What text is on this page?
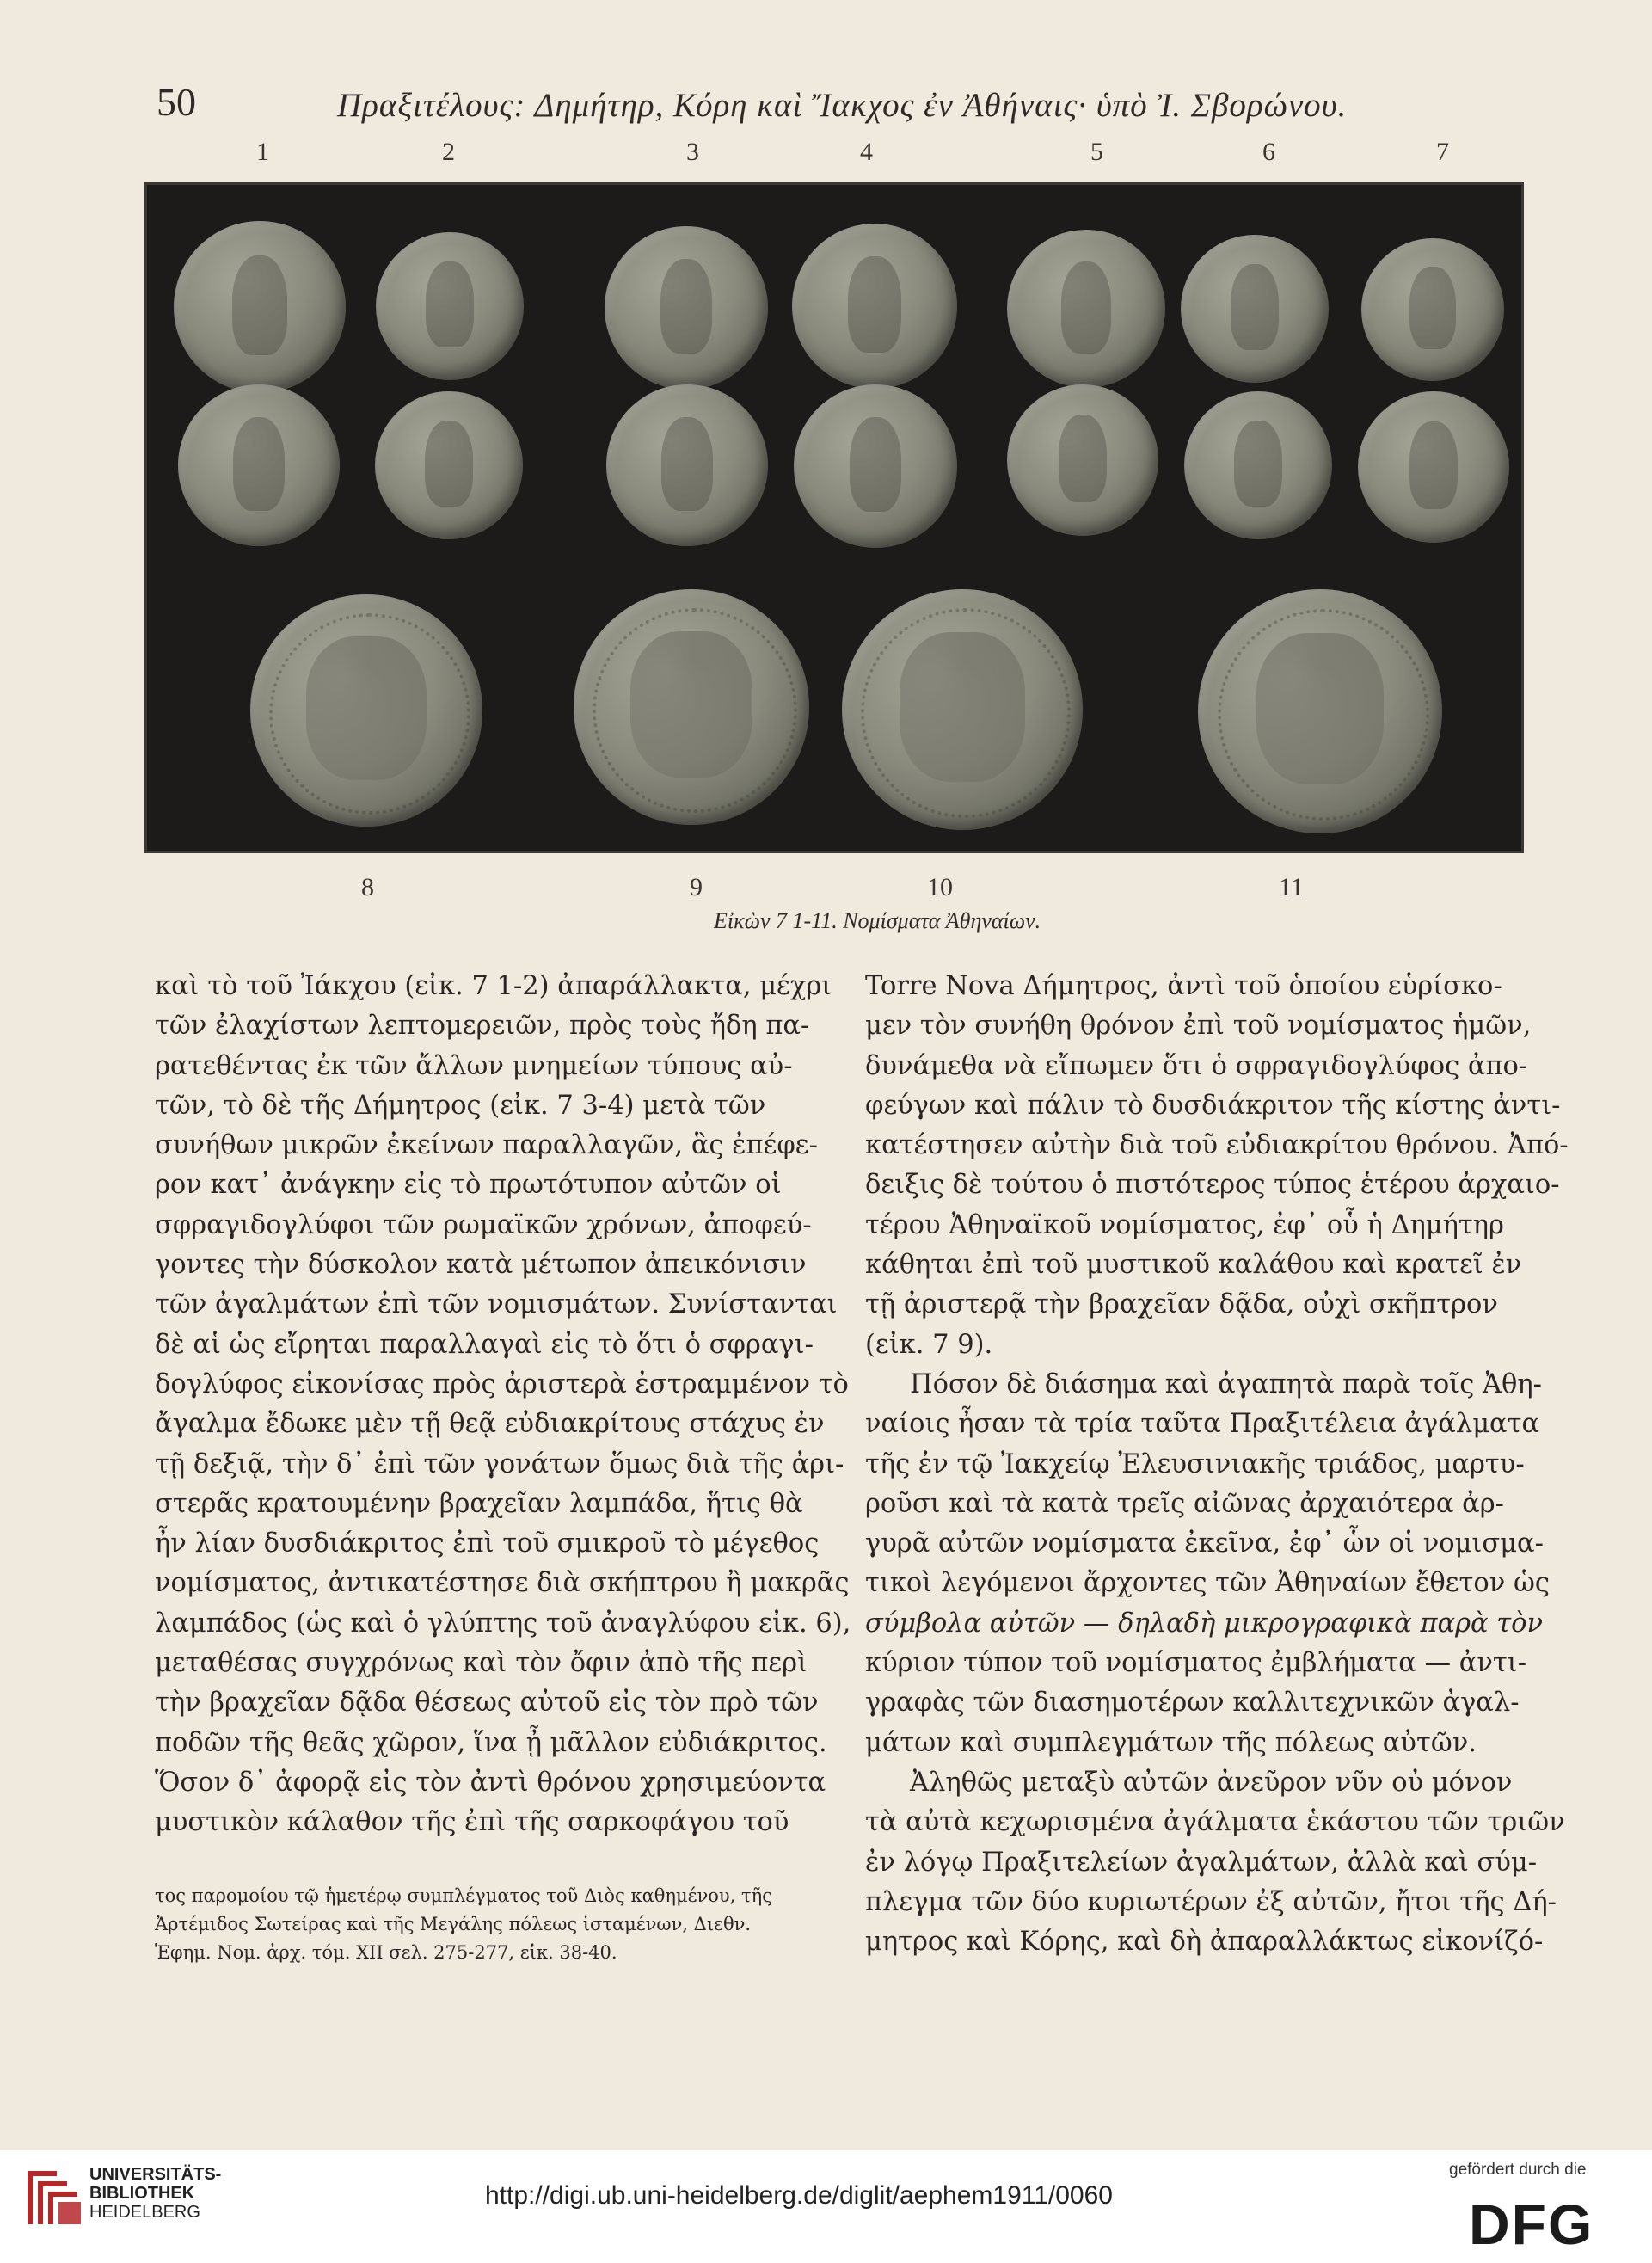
50	Πραξιτέλους: Δημήτηρ, Κόρη καὶ Ἴακχος ἐν Ἀθήναις· ὑπὸ Ἰ. Σβορώνου.
1	2	3	4	5	6	7
8	9	10	11
Εἰκὼν 7 1-11. Νομίσματα Ἀθηναίων.
καὶ τὸ τοῦ Ἰάκχου (εἰκ. 7 1-2) ἀπαράλλακτα, μέχρι
τῶν ἐλαχίστων λεπτομερειῶν, πρὸς τοὺς ἤδη πα-
ρατεθέντας ἐκ τῶν ἄλλων μνημείων τύπους αὐ-
τῶν, τὸ δὲ τῆς Δήμητρος (εἰκ. 7 3-4) μετὰ τῶν
συνήθων μικρῶν ἐκείνων παραλλαγῶν, ἃς ἐπέφε-
ρον κατ᾽ ἀνάγκην εἰς τὸ πρωτότυπον αὐτῶν οἱ
σφραγιδογλύφοι τῶν ρωμαϊκῶν χρόνων, ἀποφεύ-
γοντες τὴν δύσκολον κατὰ μέτωπον ἀπεικόνισιν
τῶν ἀγαλμάτων ἐπὶ τῶν νομισμάτων. Συνίστανται
δὲ αἱ ὡς εἴρηται παραλλαγαὶ εἰς τὸ ὅτι ὁ σφραγι-
δογλύφος εἰκονίσας πρὸς ἀριστερὰ ἐστραμμένον τὸ
ἄγαλμα ἔδωκε μὲν τῇ θεᾷ εὐδιακρίτους στάχυς ἐν
τῇ δεξιᾷ, τὴν δ᾽ ἐπὶ τῶν γονάτων ὅμως διὰ τῆς ἀρι-
στερᾶς κρατουμένην βραχεῖαν λαμπάδα, ἥτις θὰ
ἦν λίαν δυσδιάκριτος ἐπὶ τοῦ σμικροῦ τὸ μέγεθος
νομίσματος, ἀντικατέστησε διὰ σκήπτρου ἢ μακρᾶς
λαμπάδος (ὡς καὶ ὁ γλύπτης τοῦ ἀναγλύφου εἰκ. 6),
μεταθέσας συγχρόνως καὶ τὸν ὄφιν ἀπὸ τῆς περὶ
τὴν βραχεῖαν δᾷδα θέσεως αὐτοῦ εἰς τὸν πρὸ τῶν
ποδῶν τῆς θεᾶς χῶρον, ἵνα ᾖ μᾶλλον εὐδιάκριτος.
Ὅσον δ᾽ ἀφορᾷ εἰς τὸν ἀντὶ θρόνου χρησιμεύοντα
μυστικὸν κάλαθον τῆς ἐπὶ τῆς σαρκοφάγου τοῦ
τος παρομοίου τῷ ἡμετέρῳ συμπλέγματος τοῦ Διὸς καθημένου, τῆς
Ἀρτέμιδος Σωτείρας καὶ τῆς Μεγάλης πόλεως ἱσταμένων, Διεθν.
Ἐφημ. Νομ. ἀρχ. τόμ. XII σελ. 275-277, εἰκ. 38-40.
Torre Nova Δήμητρος, ἀντὶ τοῦ ὁποίου εὑρίσκο-
μεν τὸν συνήθη θρόνον ἐπὶ τοῦ νομίσματος ἡμῶν,
δυνάμεθα νὰ εἴπωμεν ὅτι ὁ σφραγιδογλύφος ἀπο-
φεύγων καὶ πάλιν τὸ δυσδιάκριτον τῆς κίστης ἀντι-
κατέστησεν αὐτὴν διὰ τοῦ εὐδιακρίτου θρόνου. Ἀπό-
δειξις δὲ τούτου ὁ πιστότερος τύπος ἑτέρου ἀρχαιο-
τέρου Ἀθηναϊκοῦ νομίσματος, ἐφ᾽ οὗ ἡ Δημήτηρ
κάθηται ἐπὶ τοῦ μυστικοῦ καλάθου καὶ κρατεῖ ἐν
τῇ ἀριστερᾷ τὴν βραχεῖαν δᾷδα, οὐχὶ σκῆπτρον
(εἰκ. 7 9).
Πόσον δὲ διάσημα καὶ ἀγαπητὰ παρὰ τοῖς Ἀθη-
ναίοις ἦσαν τὰ τρία ταῦτα Πραξιτέλεια ἀγάλματα
τῆς ἐν τῷ Ἰακχείῳ Ἐλευσινιακῆς τριάδος, μαρτυ-
ροῦσι καὶ τὰ κατὰ τρεῖς αἰῶνας ἀρχαιότερα ἀρ-
γυρᾶ αὐτῶν νομίσματα ἐκεῖνα, ἐφ᾽ ὧν οἱ νομισμα-
τικοὶ λεγόμενοι ἄρχοντες τῶν Ἀθηναίων ἔθετον ὡς
σύμβολα αὐτῶν — δηλαδὴ μικρογραφικὰ παρὰ τὸν
κύριον τύπον τοῦ νομίσματος ἐμβλήματα — ἀντι-
γραφὰς τῶν διασημοτέρων καλλιτεχνικῶν ἀγαλ-
μάτων καὶ συμπλεγμάτων τῆς πόλεως αὐτῶν.
Ἀληθῶς μεταξὺ αὐτῶν ἀνεῦρον νῦν οὐ μόνον
τὰ αὐτὰ κεχωρισμένα ἀγάλματα ἑκάστου τῶν τριῶν
ἐν λόγῳ Πραξιτελείων ἀγαλμάτων, ἀλλὰ καὶ σύμ-
πλεγμα τῶν δύο κυριωτέρων ἐξ αὐτῶν, ἤτοι τῆς Δή-
μητρος καὶ Κόρης, καὶ δὴ ἀπαραλλάκτως εἰκονίζό-
UNIVERSITÄTS-
BIBLIOTHEK
HEIDELBERG
http://digi.ub.uni-heidelberg.de/diglit/aephem1911/0060
gefördert durch die
DFG
